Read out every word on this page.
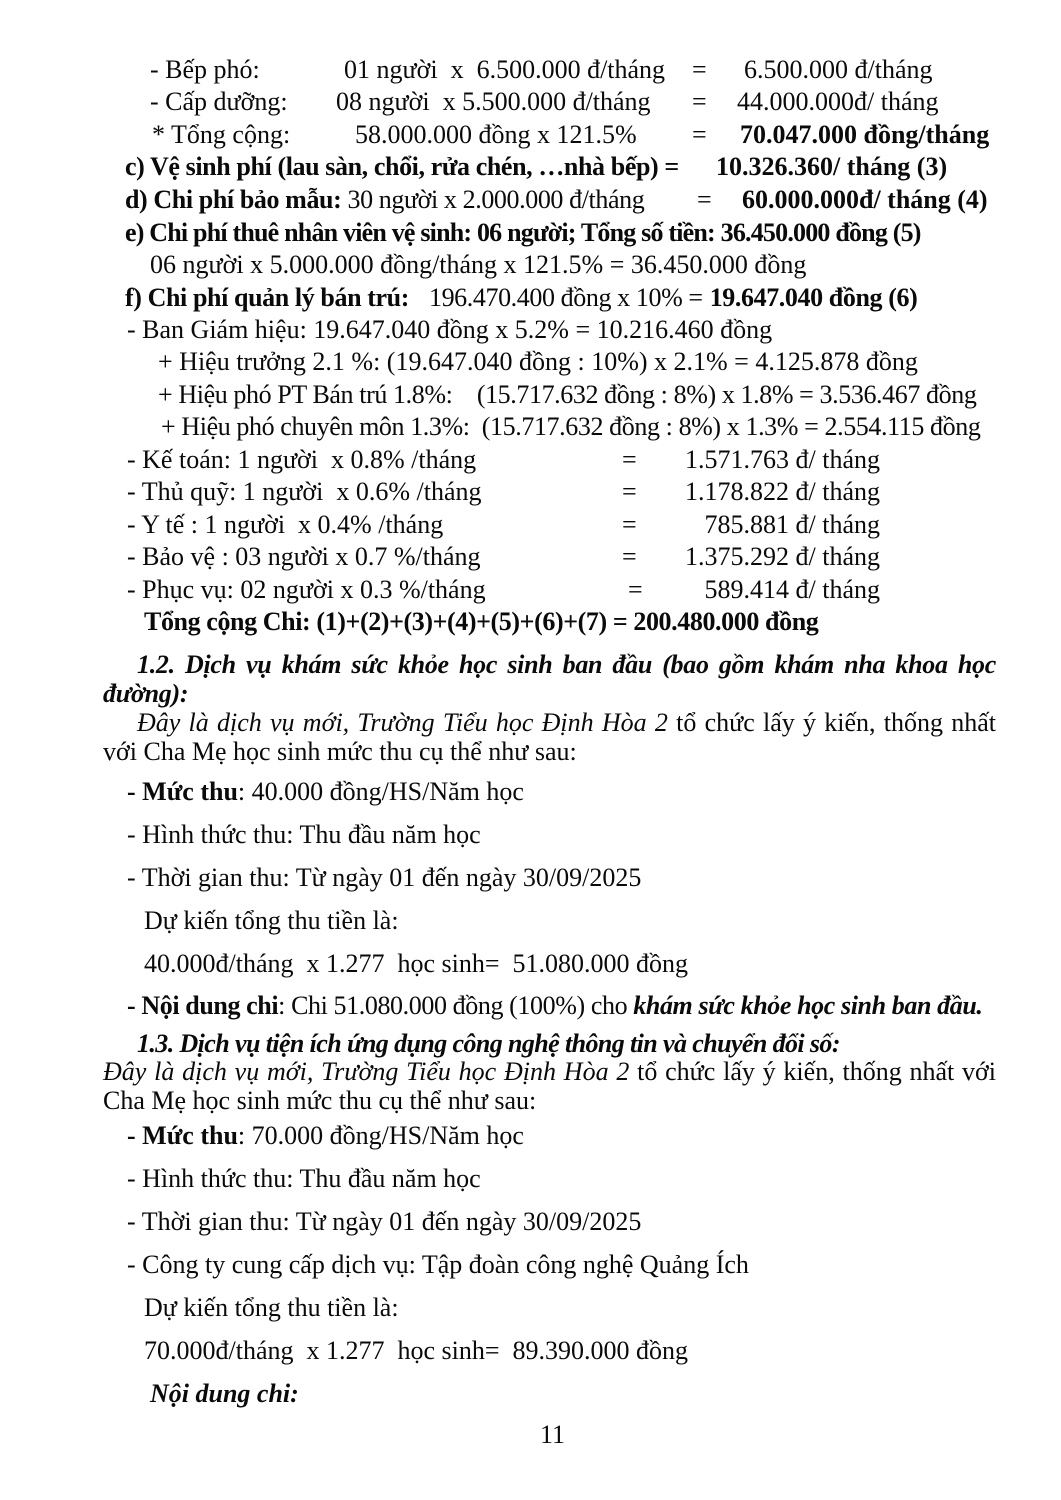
- Bếp phó:	01 người  x  6.500.000 đ/tháng = 6.500.000 đ/tháng
- Cấp dưỡng: 08 người  x 5.500.000 đ/tháng = 44.000.000đ/ tháng
* Tổng cộng: 58.000.000 đồng x 121.5% = 70.047.000 đồng/tháng
c) Vệ sinh phí (lau sàn, chổi, rửa chén, …nhà bếp) = 10.326.360/ tháng (3)
d) Chi phí bảo mẫu: 30 người x 2.000.000 đ/tháng = 60.000.000đ/ tháng (4)
e) Chi phí thuê nhân viên vệ sinh: 06 người; Tổng số tiền: 36.450.000 đồng (5)
06 người x 5.000.000 đồng/tháng x 121.5% = 36.450.000 đồng
f) Chi phí quản lý bán trú: 196.470.400 đồng x 10% = 19.647.040 đồng (6)
- Ban Giám hiệu: 19.647.040 đồng x 5.2% = 10.216.460 đồng
+ Hiệu trưởng 2.1 %: (19.647.040 đồng : 10%) x 2.1% = 4.125.878 đồng
+ Hiệu phó PT Bán trú 1.8%:    (15.717.632 đồng : 8%) x 1.8% = 3.536.467 đồng
+ Hiệu phó chuyên môn 1.3%:  (15.717.632 đồng : 8%) x 1.3% = 2.554.115 đồng
- Kế toán: 1 người  x 0.8% /tháng	=	1.571.763 đ/ tháng
- Thủ quỹ: 1 người  x 0.6% /tháng	=	1.178.822 đ/ tháng
- Y tế : 1 người  x 0.4% /tháng	=	785.881 đ/ tháng
- Bảo vệ : 03 người x 0.7 %/tháng	=	1.375.292 đ/ tháng
- Phục vụ: 02 người x 0.3 %/tháng	=	589.414 đ/ tháng
Tổng cộng Chi: (1)+(2)+(3)+(4)+(5)+(6)+(7) = 200.480.000 đồng
1.2. Dịch vụ khám sức khỏe học sinh ban đầu (bao gồm khám nha khoa học đường):
Đây là dịch vụ mới, Trường Tiểu học Định Hòa 2 tổ chức lấy ý kiến, thống nhất với Cha Mẹ học sinh mức thu cụ thể như sau:
- Mức thu: 40.000 đồng/HS/Năm học
- Hình thức thu: Thu đầu năm học
- Thời gian thu: Từ ngày 01 đến ngày 30/09/2025
Dự kiến tổng thu tiền là:
40.000đ/tháng  x 1.277  học sinh=  51.080.000 đồng
- Nội dung chi: Chi 51.080.000 đồng (100%) cho khám sức khỏe học sinh ban đầu.
1.3. Dịch vụ tiện ích ứng dụng công nghệ thông tin và chuyển đổi số:
Đây là dịch vụ mới, Trường Tiểu học Định Hòa 2 tổ chức lấy ý kiến, thống nhất với Cha Mẹ học sinh mức thu cụ thể như sau:
- Mức thu: 70.000 đồng/HS/Năm học
- Hình thức thu: Thu đầu năm học
- Thời gian thu: Từ ngày 01 đến ngày 30/09/2025
- Công ty cung cấp dịch vụ: Tập đoàn công nghệ Quảng Ích
Dự kiến tổng thu tiền là:
70.000đ/tháng  x 1.277  học sinh=  89.390.000 đồng
Nội dung chi:
11
